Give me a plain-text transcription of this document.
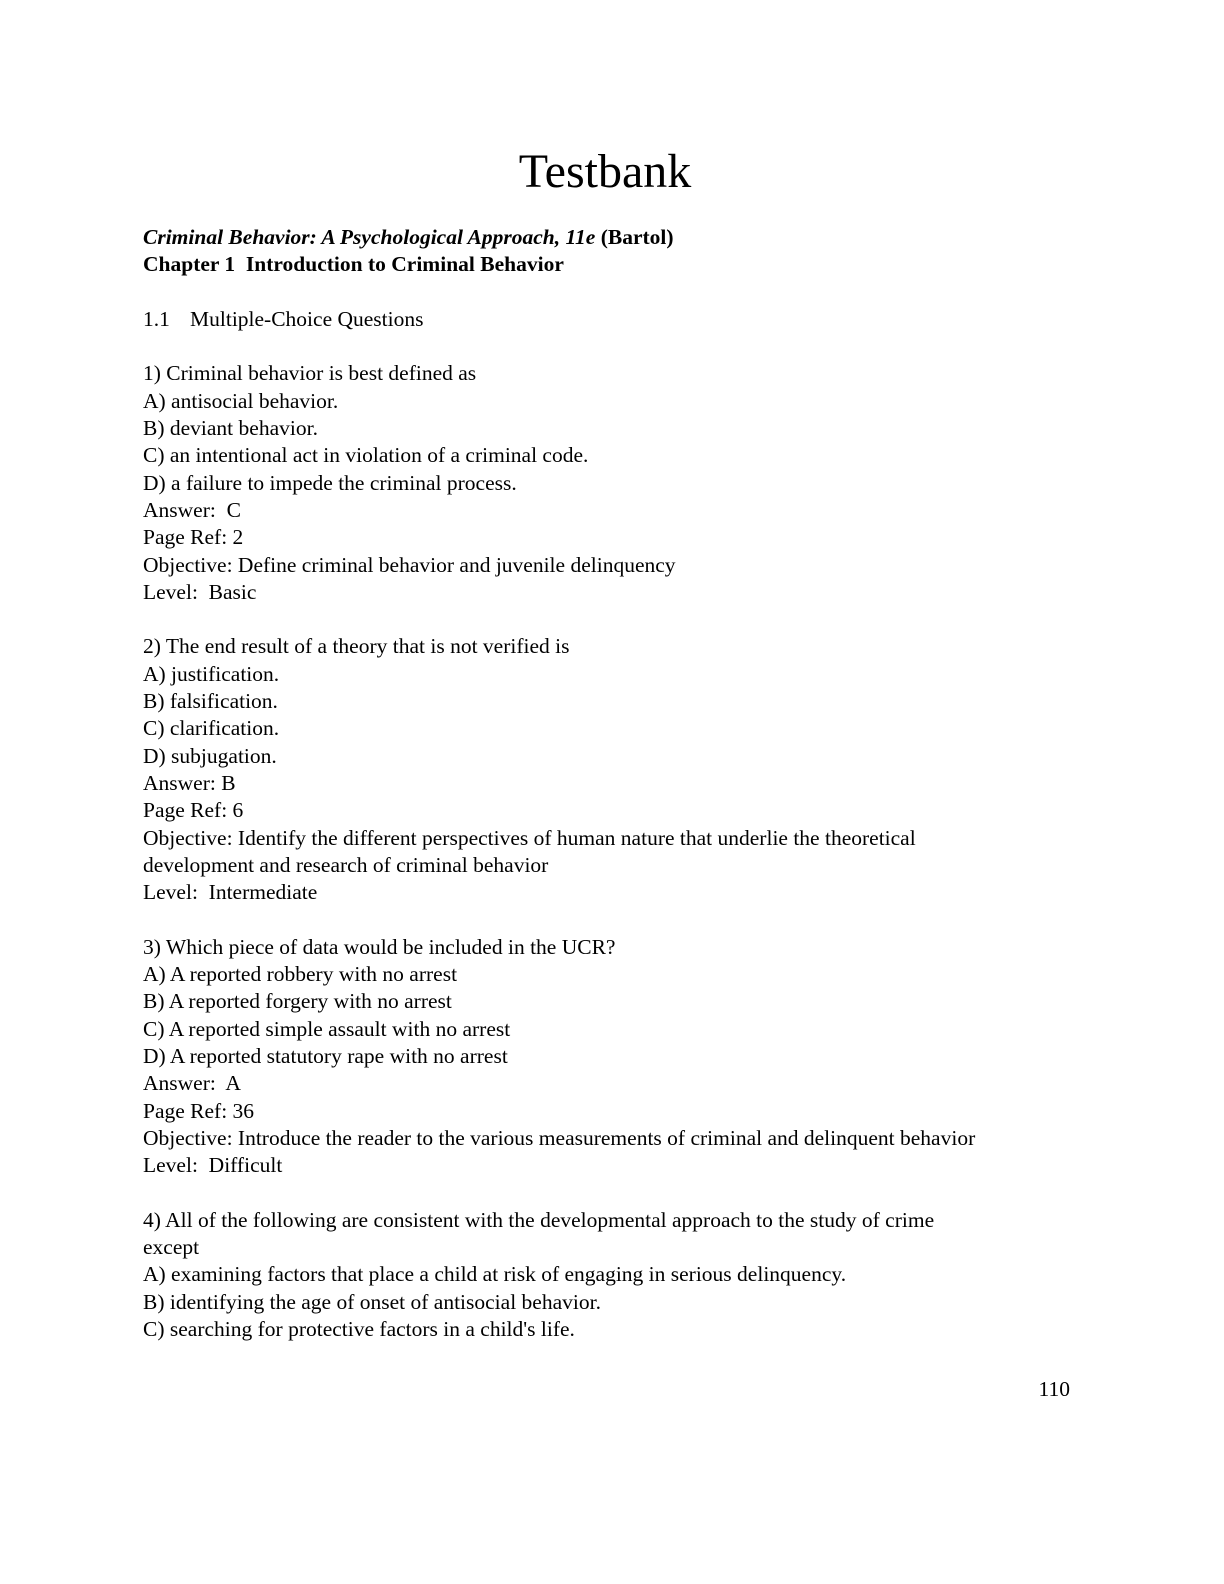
Testbank
Criminal Behavior: A Psychological Approach, 11e (Bartol)
Chapter 1  Introduction to Criminal Behavior
1.1 Multiple-Choice Questions
1) Criminal behavior is best defined as
A) antisocial behavior.
B) deviant behavior.
C) an intentional act in violation of a criminal code.
D) a failure to impede the criminal process.
Answer:  C
Page Ref: 2
Objective: Define criminal behavior and juvenile delinquency
Level:  Basic
2) The end result of a theory that is not verified is
A) justification.
B) falsification.
C) clarification.
D) subjugation.
Answer: B
Page Ref: 6
Objective: Identify the different perspectives of human nature that underlie the theoretical
development and research of criminal behavior
Level:  Intermediate
3) Which piece of data would be included in the UCR?
A) A reported robbery with no arrest
B) A reported forgery with no arrest
C) A reported simple assault with no arrest
D) A reported statutory rape with no arrest
Answer:  A
Page Ref: 36
Objective: Introduce the reader to the various measurements of criminal and delinquent behavior
Level:  Difficult
4) All of the following are consistent with the developmental approach to the study of crime
except
A) examining factors that place a child at risk of engaging in serious delinquency.
B) identifying the age of onset of antisocial behavior.
C) searching for protective factors in a child's life.
110
